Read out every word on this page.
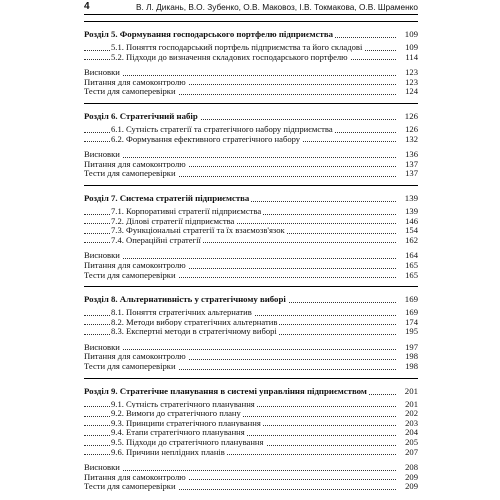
4	В. Л. Дикань, В.О. Зубенко, О.В. Маковоз, І.В. Токмакова, О.В. Шраменко
Розділ 5. Формування господарського портфелю підприємства	109
5.1. Поняття господарський портфель підприємства та його складові	109
5.2. Підходи до визначення складових господарського портфелю	114
Висновки	123
Питання для самоконтролю	123
Тести для самоперевірки	124
Розділ 6. Стратегічний набір	126
6.1. Сутність стратегії та стратегічного набору підприємства	126
6.2. Формування ефективного стратегічного набору	132
Висновки	136
Питання для самоконтролю	137
Тести для самоперевірки	137
Розділ 7. Система стратегій підприємства	139
7.1. Корпоративні стратегії підприємства	139
7.2. Ділові стратегії підприємства	146
7.3. Функціональні стратегії та їх взаємозв'язок	154
7.4. Операційні стратегії	162
Висновки	164
Питання для самоконтролю	165
Тести для самоперевірки	165
Розділ 8. Альтернативність у стратегічному виборі	169
8.1. Поняття стратегічних альтернатив	169
8.2. Методи вибору стратегічних альтернатив	174
8.3. Експертні методи в стратегічному виборі	195
Висновки	197
Питання для самоконтролю	198
Тести для самоперевірки	198
Розділ 9. Стратегічне планування в системі управління підприємством	201
9.1. Сутність стратегічного планування	201
9.2. Вимоги до стратегічного плану	202
9.3. Принципи стратегічного планування	203
9.4. Етапи стратегічного планування	204
9.5. Підходи до стратегічного планування	205
9.6. Причини неплідних планів	207
Висновки	208
Питання для самоконтролю	209
Тести для самоперевірки	209
